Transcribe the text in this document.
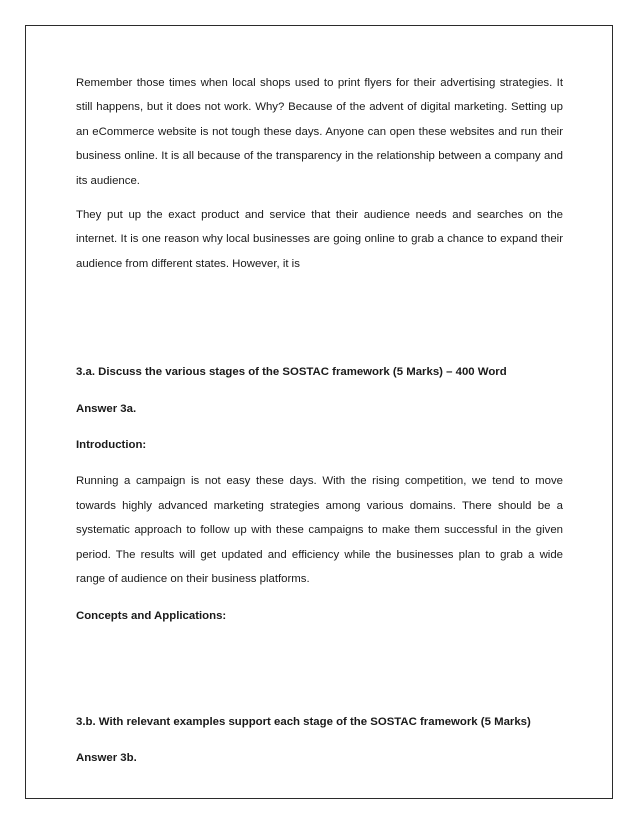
Remember those times when local shops used to print flyers for their advertising strategies. It still happens, but it does not work. Why? Because of the advent of digital marketing. Setting up an eCommerce website is not tough these days. Anyone can open these websites and run their business online. It is all because of the transparency in the relationship between a company and its audience.

They put up the exact product and service that their audience needs and searches on the internet. It is one reason why local businesses are going online to grab a chance to expand their audience from different states. However, it is

3.a. Discuss the various stages of the SOSTAC framework (5 Marks) – 400 Word

Answer 3a.

Introduction:

Running a campaign is not easy these days. With the rising competition, we tend to move towards highly advanced marketing strategies among various domains. There should be a systematic approach to follow up with these campaigns to make them successful in the given period. The results will get updated and efficiency while the businesses plan to grab a wide range of audience on their business platforms.

Concepts and Applications:

3.b. With relevant examples support each stage of the SOSTAC framework (5 Marks)

Answer 3b.
